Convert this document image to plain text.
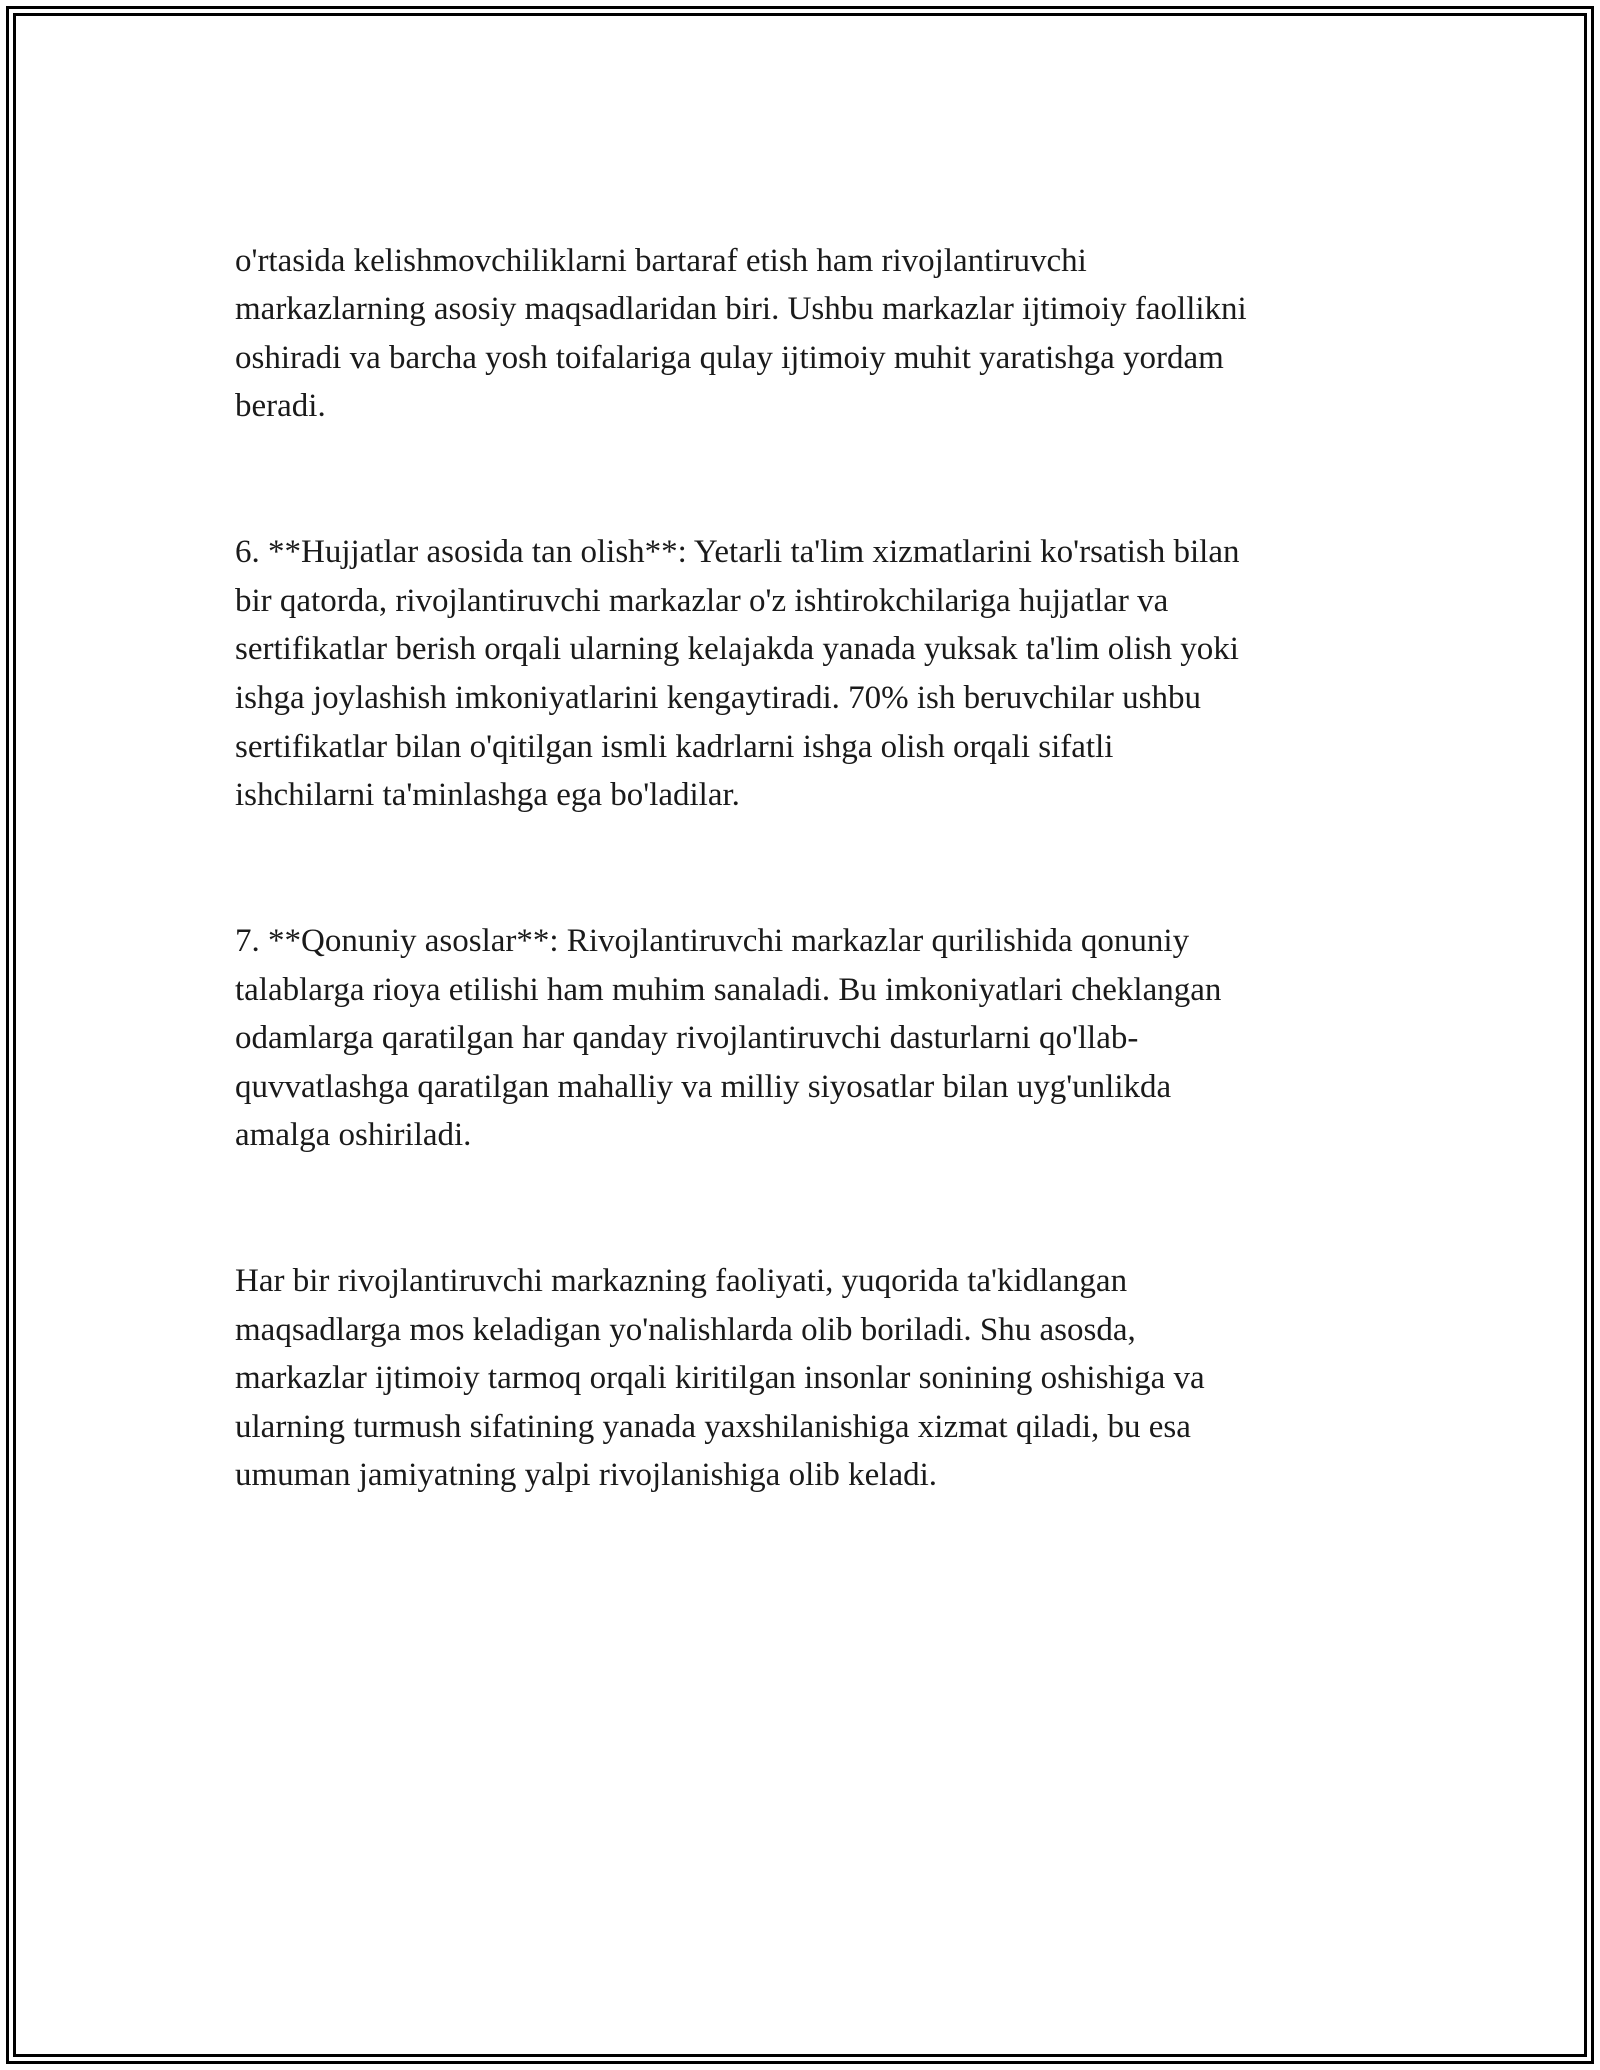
o'rtasida kelishmovchiliklarni bartaraf etish ham rivojlantiruvchi
markazlarning asosiy maqsadlaridan biri. Ushbu markazlar ijtimoiy faollikni
oshiradi va barcha yosh toifalariga qulay ijtimoiy muhit yaratishga yordam
beradi.

6. **Hujjatlar asosida tan olish**: Yetarli ta'lim xizmatlarini ko'rsatish bilan
bir qatorda, rivojlantiruvchi markazlar o'z ishtirokchilariga hujjatlar va
sertifikatlar berish orqali ularning kelajakda yanada yuksak ta'lim olish yoki
ishga joylashish imkoniyatlarini kengaytiradi. 70% ish beruvchilar ushbu
sertifikatlar bilan o'qitilgan ismli kadrlarni ishga olish orqali sifatli
ishchilarni ta'minlashga ega bo'ladilar.

7. **Qonuniy asoslar**: Rivojlantiruvchi markazlar qurilishida qonuniy
talablarga rioya etilishi ham muhim sanaladi. Bu imkoniyatlari cheklangan
odamlarga qaratilgan har qanday rivojlantiruvchi dasturlarni qo'llab-
quvvatlashga qaratilgan mahalliy va milliy siyosatlar bilan uyg'unlikda
amalga oshiriladi.

Har bir rivojlantiruvchi markazning faoliyati, yuqorida ta'kidlangan
maqsadlarga mos keladigan yo'nalishlarda olib boriladi. Shu asosda,
markazlar ijtimoiy tarmoq orqali kiritilgan insonlar sonining oshishiga va
ularning turmush sifatining yanada yaxshilanishiga xizmat qiladi, bu esa
umuman jamiyatning yalpi rivojlanishiga olib keladi.
